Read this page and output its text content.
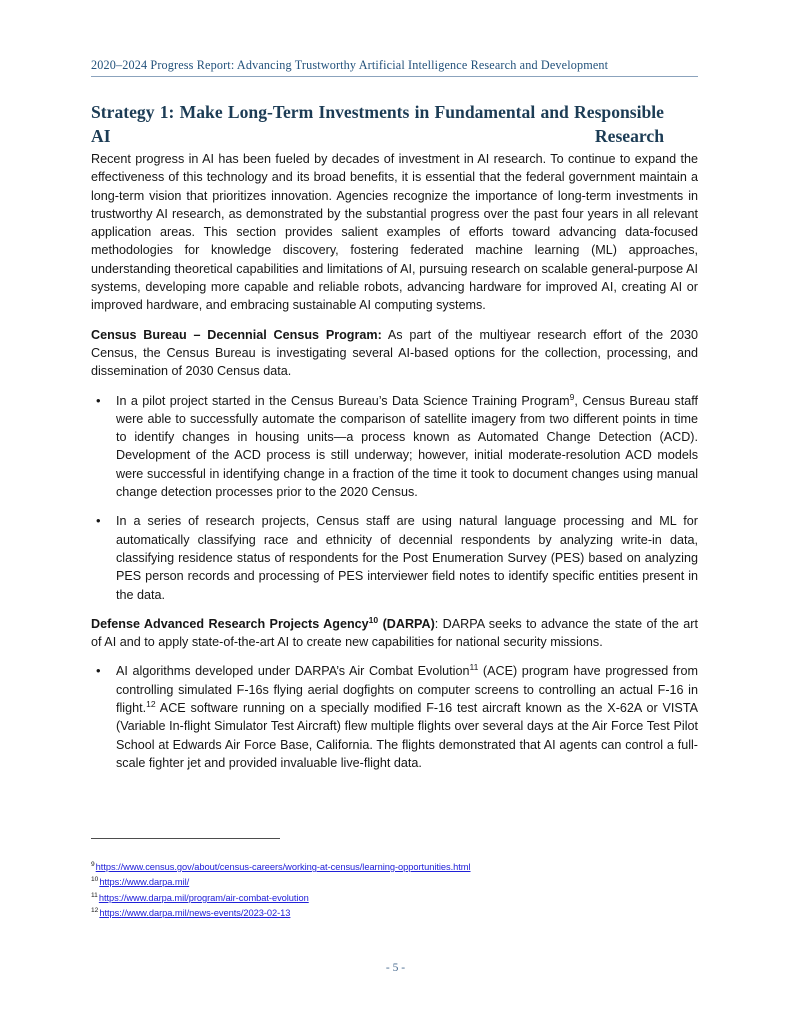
2020–2024 Progress Report: Advancing Trustworthy Artificial Intelligence Research and Development
Strategy 1: Make Long-Term Investments in Fundamental and Responsible AI Research

Recent progress in AI has been fueled by decades of investment in AI research. To continue to expand the effectiveness of this technology and its broad benefits, it is essential that the federal government maintain a long-term vision that prioritizes innovation. Agencies recognize the importance of long-term investments in trustworthy AI research, as demonstrated by the substantial progress over the past four years in all relevant application areas. This section provides salient examples of efforts toward advancing data-focused methodologies for knowledge discovery, fostering federated machine learning (ML) approaches, understanding theoretical capabilities and limitations of AI, pursuing research on scalable general-purpose AI systems, developing more capable and reliable robots, advancing hardware for improved AI, creating AI or improved hardware, and embracing sustainable AI computing systems.

Census Bureau – Decennial Census Program: As part of the multiyear research effort of the 2030 Census, the Census Bureau is investigating several AI-based options for the collection, processing, and dissemination of 2030 Census data.

• In a pilot project started in the Census Bureau’s Data Science Training Program$^9$, Census Bureau staff were able to successfully automate the comparison of satellite imagery from two different points in time to identify changes in housing units—a process known as Automated Change Detection (ACD). Development of the ACD process is still underway; however, initial moderate-resolution ACD models were successful in identifying change in a fraction of the time it took to document changes using manual change detection processes prior to the 2020 Census.
• In a series of research projects, Census staff are using natural language processing and ML for automatically classifying race and ethnicity of decennial respondents by analyzing write-in data, classifying residence status of respondents for the Post Enumeration Survey (PES) based on analyzing PES person records and processing of PES interviewer field notes to identify specific entities present in the data.

Defense Advanced Research Projects Agency$^{10}$ (DARPA): DARPA seeks to advance the state of the art of AI and to apply state-of-the-art AI to create new capabilities for national security missions.

• AI algorithms developed under DARPA’s Air Combat Evolution$^{11}$ (ACE) program have progressed from controlling simulated F-16s flying aerial dogfights on computer screens to controlling an actual F-16 in flight.$^{12}$ ACE software running on a specially modified F-16 test aircraft known as the X-62A or VISTA (Variable In-flight Simulator Test Aircraft) flew multiple flights over several days at the Air Force Test Pilot School at Edwards Air Force Base, California. The flights demonstrated that AI agents can control a full-scale fighter jet and provided invaluable live-flight data.
$^9$https://www.census.gov/about/census-careers/working-at-census/learning-opportunities.html
$^{10}$https://www.darpa.mil/
$^{11}$https://www.darpa.mil/program/air-combat-evolution
$^{12}$https://www.darpa.mil/news-events/2023-02-13
- 5 -
